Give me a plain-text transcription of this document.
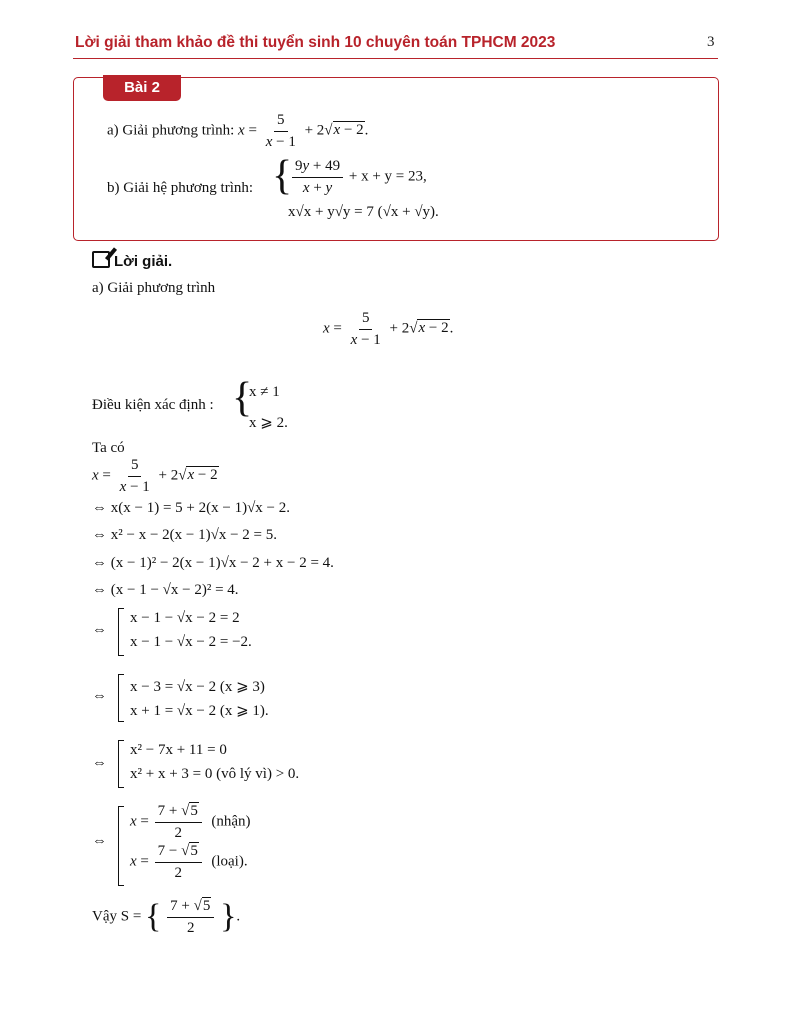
Lời giải tham khảo đề thi tuyển sinh 10 chuyên toán TPHCM 2023	3
Bài 2
a) Giải phương trình: $x = \frac{5}{x - 1} + 2√x - 2$.
b) Giải hệ phương trình: { $\frac{9y + 49}{x + y} + x + y = 23$,
x√x + y√y = 7 (√x + √y).
Lời giải.
a) Giải phương trình
$x = \frac{5}{x - 1} + 2√x - 2$.
Điều kiện xác định : {
x ≠ 1
x ⩾ 2.
Ta có
$x = \frac{5}{x - 1} + 2√x - 2$
⇔ x(x − 1) = 5 + 2(x − 1)√x − 2.
⇔ x² − x − 2(x − 1)√x − 2 = 5.
⇔ (x − 1)² − 2(x − 1)√x − 2 + x − 2 = 4.
⇔ (x − 1 − √x − 2)² = 4.
⇔
x − 1 − √x − 2 = 2
x − 1 − √x − 2 = −2.
⇔
x − 3 = √x − 2 (x ⩾ 3)
x + 1 = √x − 2 (x ⩾ 1).
⇔
x² − 7x + 11 = 0
x² + x + 3 = 0 (vô lý vì) > 0.
⇔
$x = \frac{7 + √5}{2}$ (nhận)
$x = \frac{7 - √5}{2}$ (loại).
Vậy S = { $\frac{7 + √5}{2}$ }.
